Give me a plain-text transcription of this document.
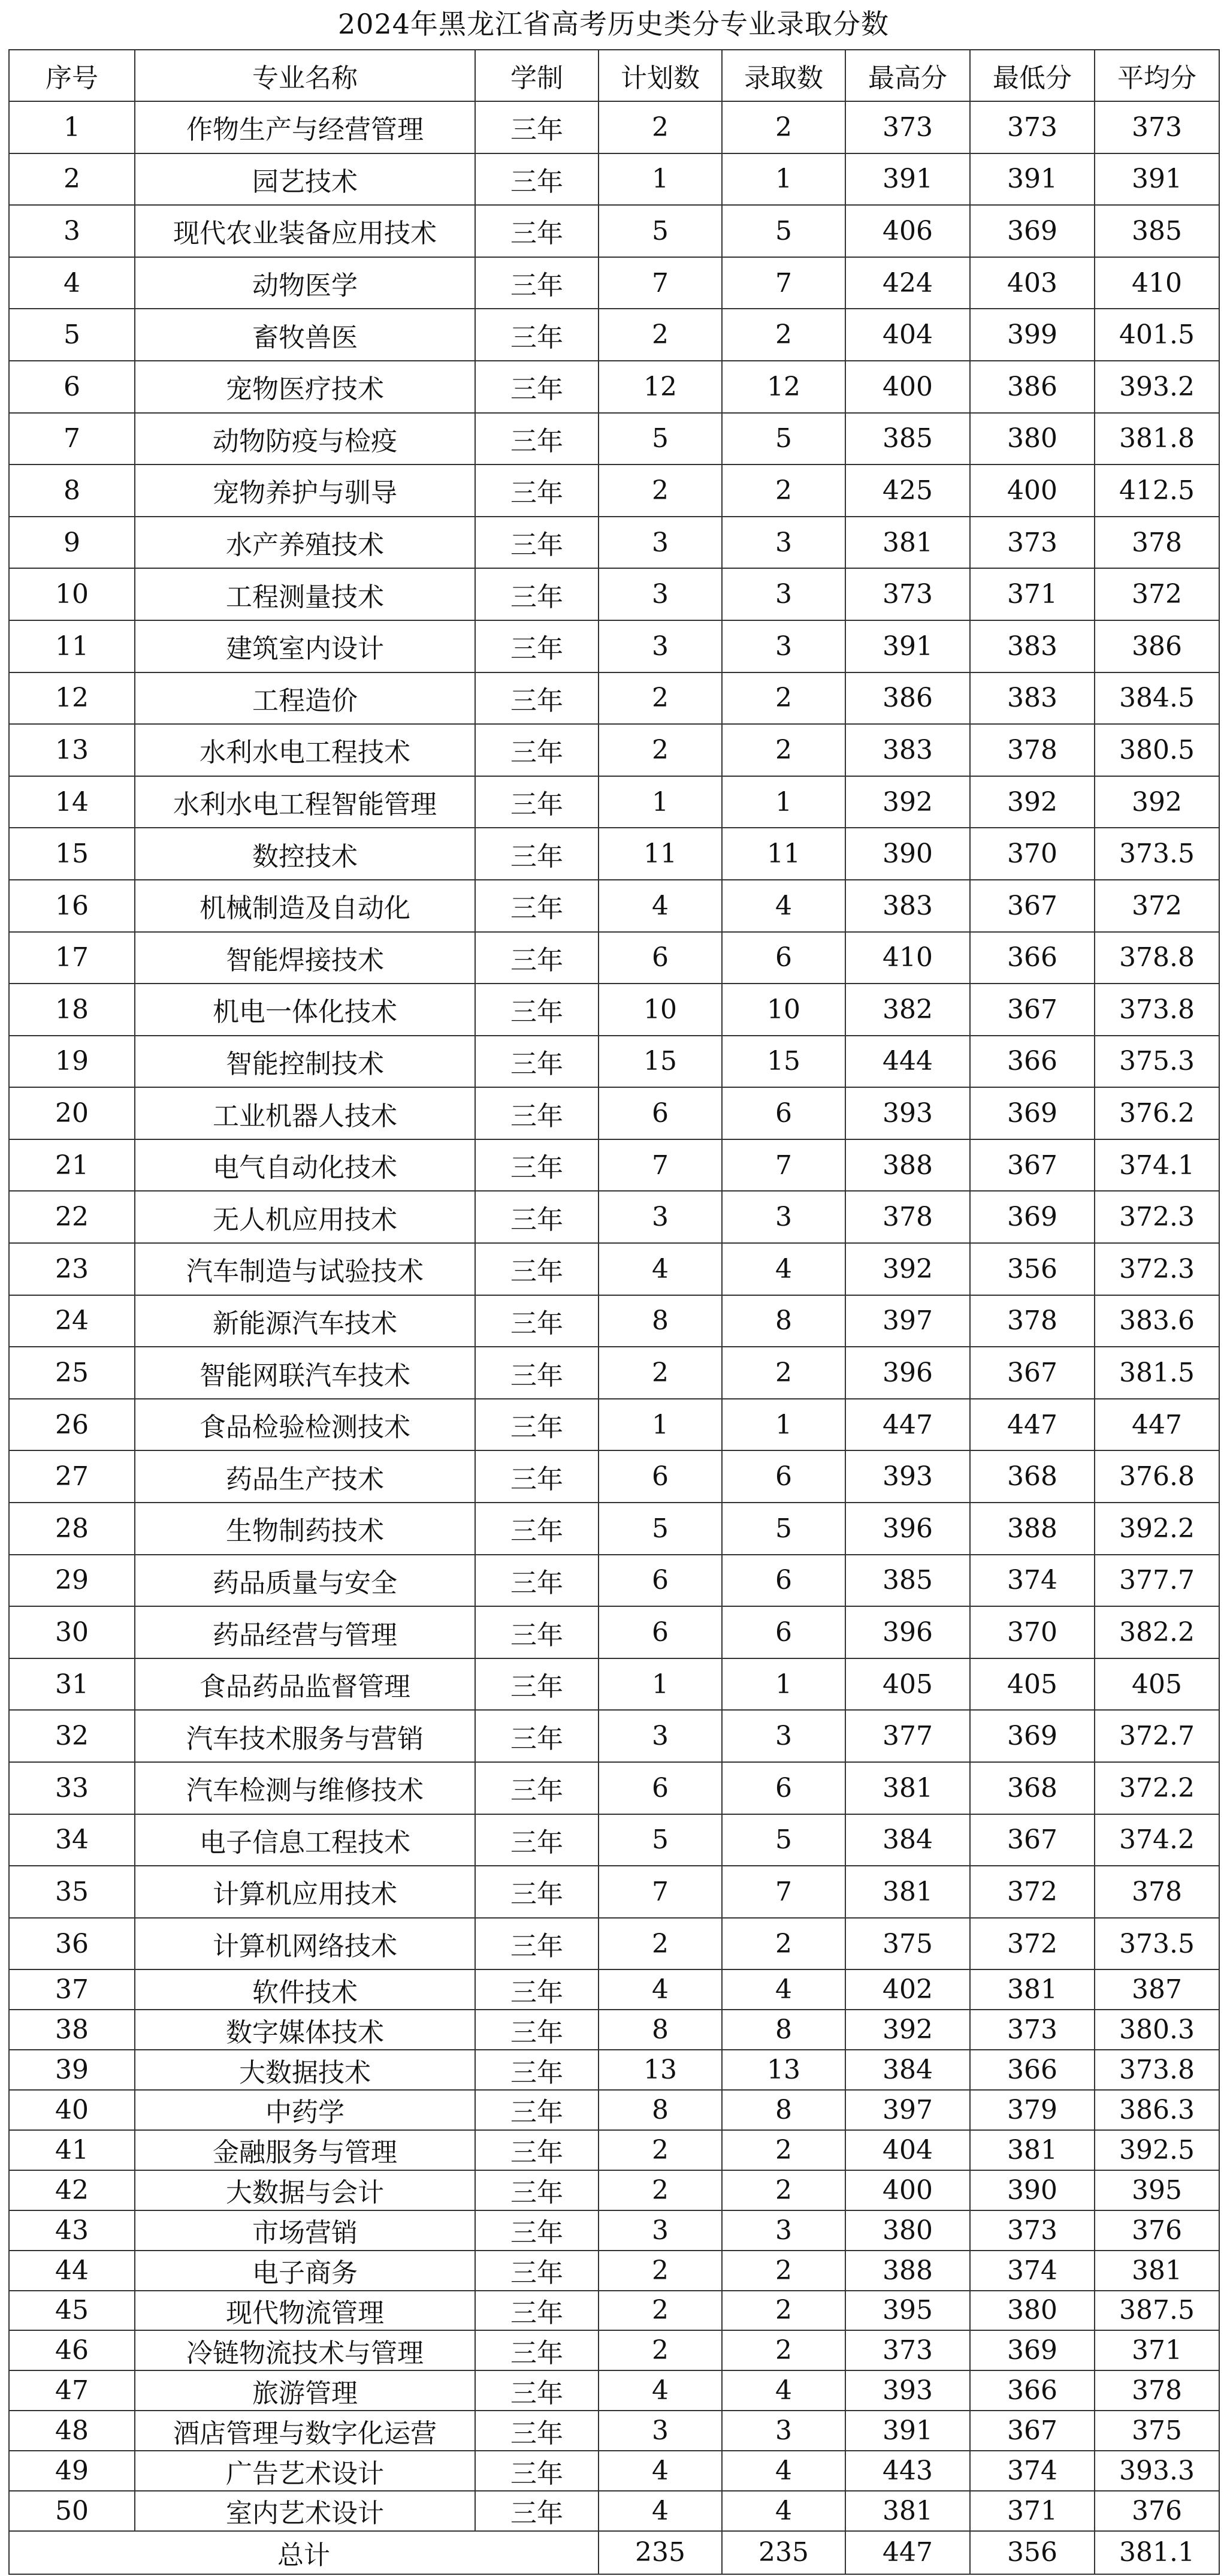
2024年黑龙江省高考历史类分专业录取分数
序号	专业名称	学制	计划数	录取数	最高分	最低分	平均分
1	作物生产与经营管理	三年	2	2	373	373	373
2	园艺技术	三年	1	1	391	391	391
3	现代农业装备应用技术	三年	5	5	406	369	385
4	动物医学	三年	7	7	424	403	410
5	畜牧兽医	三年	2	2	404	399	401.5
6	宠物医疗技术	三年	12	12	400	386	393.2
7	动物防疫与检疫	三年	5	5	385	380	381.8
8	宠物养护与驯导	三年	2	2	425	400	412.5
9	水产养殖技术	三年	3	3	381	373	378
10	工程测量技术	三年	3	3	373	371	372
11	建筑室内设计	三年	3	3	391	383	386
12	工程造价	三年	2	2	386	383	384.5
13	水利水电工程技术	三年	2	2	383	378	380.5
14	水利水电工程智能管理	三年	1	1	392	392	392
15	数控技术	三年	11	11	390	370	373.5
16	机械制造及自动化	三年	4	4	383	367	372
17	智能焊接技术	三年	6	6	410	366	378.8
18	机电一体化技术	三年	10	10	382	367	373.8
19	智能控制技术	三年	15	15	444	366	375.3
20	工业机器人技术	三年	6	6	393	369	376.2
21	电气自动化技术	三年	7	7	388	367	374.1
22	无人机应用技术	三年	3	3	378	369	372.3
23	汽车制造与试验技术	三年	4	4	392	356	372.3
24	新能源汽车技术	三年	8	8	397	378	383.6
25	智能网联汽车技术	三年	2	2	396	367	381.5
26	食品检验检测技术	三年	1	1	447	447	447
27	药品生产技术	三年	6	6	393	368	376.8
28	生物制药技术	三年	5	5	396	388	392.2
29	药品质量与安全	三年	6	6	385	374	377.7
30	药品经营与管理	三年	6	6	396	370	382.2
31	食品药品监督管理	三年	1	1	405	405	405
32	汽车技术服务与营销	三年	3	3	377	369	372.7
33	汽车检测与维修技术	三年	6	6	381	368	372.2
34	电子信息工程技术	三年	5	5	384	367	374.2
35	计算机应用技术	三年	7	7	381	372	378
36	计算机网络技术	三年	2	2	375	372	373.5
37	软件技术	三年	4	4	402	381	387
38	数字媒体技术	三年	8	8	392	373	380.3
39	大数据技术	三年	13	13	384	366	373.8
40	中药学	三年	8	8	397	379	386.3
41	金融服务与管理	三年	2	2	404	381	392.5
42	大数据与会计	三年	2	2	400	390	395
43	市场营销	三年	3	3	380	373	376
44	电子商务	三年	2	2	388	374	381
45	现代物流管理	三年	2	2	395	380	387.5
46	冷链物流技术与管理	三年	2	2	373	369	371
47	旅游管理	三年	4	4	393	366	378
48	酒店管理与数字化运营	三年	3	3	391	367	375
49	广告艺术设计	三年	4	4	443	374	393.3
50	室内艺术设计	三年	4	4	381	371	376
总计			235	235	447	356	381.1
